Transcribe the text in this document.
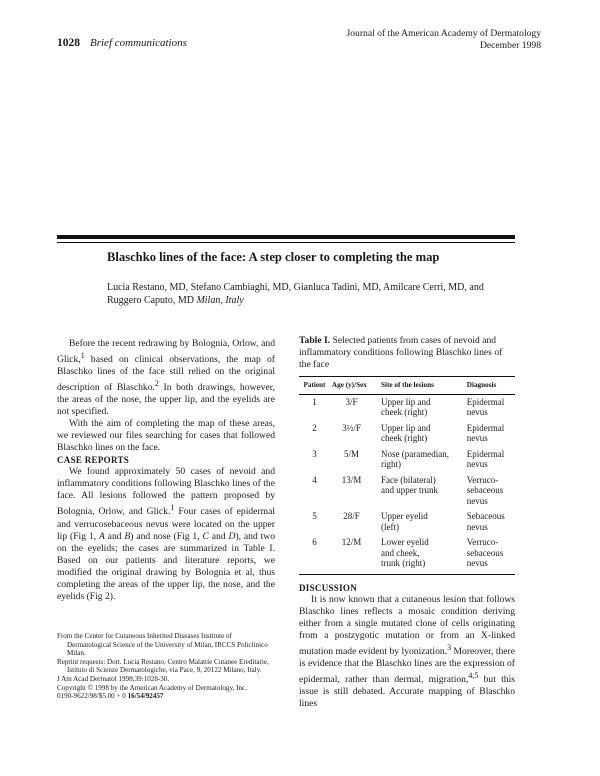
1028 Brief communications
Journal of the American Academy of Dermatology
December 1998
Blaschko lines of the face: A step closer to completing the map
Lucia Restano, MD, Stefano Cambiaghi, MD, Gianluca Tadini, MD, Amilcare Cerri, MD, and Ruggero Caputo, MD Milan, Italy

Before the recent redrawing by Bolognia, Orlow, and Glick,$^1$ based on clinical observations, the map of Blaschko lines of the face still relied on the original description of Blaschko.$^2$ In both drawings, however, the areas of the nose, the upper lip, and the eyelids are not specified.

With the aim of completing the map of these areas, we reviewed our files searching for cases that followed Blaschko lines on the face.

CASE REPORTS

We found approximately 50 cases of nevoid and inflammatory conditions following Blaschko lines of the face. All lesions followed the pattern proposed by Bolognia, Orlow, and Glick.$^1$ Four cases of epidermal and verrucosebaceous nevus were located on the upper lip (Fig 1, A and B) and nose (Fig 1, C and D), and two on the eyelids; the cases are summarized in Table I. Based on our patients and literature reports, we modified the original drawing by Bolognia et al, thus completing the areas of the upper lip, the nose, and the eyelids (Fig 2).

Table I. Selected patients from cases of nevoid and inflammatory conditions following Blaschko lines of the face
Patient	Age (y)/Sex	Site of the lesions	Diagnosis
1	3/F	Upper lip and
cheek (right)	Epidermal
nevus

2	3½/F	Upper lip and
cheek (right)	Epidermal
nevus

3	5/M	Nose (paramedian,
right)	Epidermal
nevus

4	13/M	Face (bilateral)
and upper trunk	Verruco-
sebaceous
nevus

5	28/F	Upper eyelid
(left)	Sebaceous
nevus

6	12/M	Lower eyelid
and cheek,
trunk (right)	Verruco-
sebaceous
nevus

DISCUSSION

It is now known that a cutaneous lesion that follows Blaschko lines reflects a mosaic condition deriving either from a single mutated clone of cells originating from a postzygotic mutation or from an X-linked mutation made evident by lyonization.$^3$ Moreover, there is evidence that the Blaschko lines are the expression of epidermal, rather than dermal, migration,$^{4,5}$ but this issue is still debated. Accurate mapping of Blaschko lines

From the Center for Cutaneous Inherited Diseases Institute of Dermatological Science of the University of Milan, IRCCS Policlinico Milan.

Reprint requests: Dott. Lucia Restano, Centro Malattie Cutanee Ereditarie, Istituto di Scienze Dermatologiche, via Pace, 9, 20122 Milano, Italy.

J Am Acad Dermatol 1998;39:1028-30.

Copyright © 1998 by the American Academy of Dermatology, Inc.

0190-9622/98/$5.00 + 0 16/54/92457
